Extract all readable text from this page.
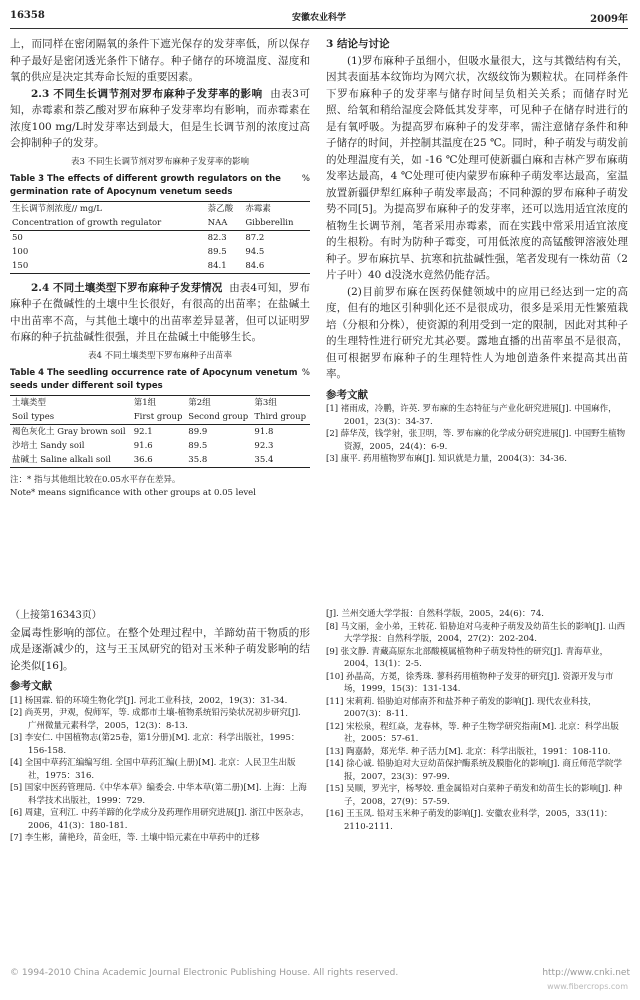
16358	安徽农业科学	2009年

上，而同样在密闭隔氧的条件下遮光保存的发芽率低，所以保存种子最好是密闭透光条件下储存。种子储存的环境温度、湿度和氧的供应是决定其寿命长短的重要因素。

2.3 不同生长调节剂对罗布麻种子发芽率的影响 由表3可知，赤霉素和萘乙酸对罗布麻种子发芽率均有影响，而赤霉素在浓度100 mg/L时发芽率达到最大，但是生长调节剂的浓度过高会抑制种子的发芽。

表3 不同生长调节剂对罗布麻种子发芽率的影响
%
Table 3 The effects of different growth regulators on the germination rate of Apocynum venetum seeds
生长调节剂浓度// mg/L	萘乙酸	赤霉素
Concentration of growth regulator	NAA	Gibberellin
50	82.3	87.2
100	89.5	94.5
150	84.1	84.6

2.4 不同土壤类型下罗布麻种子发芽情况 由表4可知，罗布麻种子在微碱性的土壤中生长很好，有很高的出苗率；在盐碱土中出苗率不高，与其他土壤中的出苗率差异显著，但可以证明罗布麻的种子抗盐碱性很强，并且在盐碱土中能够生长。

表4 不同土壤类型下罗布麻种子出苗率
%
Table 4 The seedling occurrence rate of Apocynum venetum seeds under different soil types
土壤类型	第1组	第2组	第3组
Soil types	First group	Second group	Third group
褐色灰化土 Gray brown soil	92.1	89.9	91.8
沙培土 Sandy soil	91.6	89.5	92.3
盐碱土 Saline alkali soil	36.6	35.8	35.4
注：* 指与其他组比较在0.05水平存在差异。
Note* means significance with other groups at 0.05 level
3 结论与讨论

(1)罗布麻种子虽细小，但吸水量很大，这与其微结构有关，因其表面基本纹饰均为网穴状，次级纹饰为颗粒状。在同样条件下罗布麻种子的发芽率与储存时间呈负相关关系；而储存时光照、给氧和稍给湿度会降低其发芽率，可见种子在储存时进行的是有氧呼吸。为提高罗布麻种子的发芽率，需注意储存条件和种子储存的时间，并控制其温度在25 ℃。同时，种子萌发与萌发前的处理温度有关，如 -16 ℃处理可使新疆白麻和吉林产罗布麻萌发率达最高，4 ℃处理可使内蒙罗布麻种子萌发率达最高，室温放置新疆伊犁红麻种子萌发率最高；不同种源的罗布麻种子萌发势不同[5]。为提高罗布麻种子的发芽率，还可以选用适宜浓度的植物生长调节剂，笔者采用赤霉素，而在实践中常采用适宜浓度的生根粉。有时为防种子霉变，可用低浓度的高锰酸钾溶液处理种子。罗布麻抗旱、抗寒和抗盐碱性强，笔者发现有一株幼苗（2片子叶）40 d没浇水竟然仍能存活。

(2)目前罗布麻在医药保健领域中的应用已经达到一定的高度，但有的地区引种驯化还不是很成功，很多是采用无性繁殖栽培（分根和分株），使资源的利用受到一定的限制，因此对其种子的生理特性进行研究尤其必要。露地直播的出苗率虽不是很高，但可根据罗布麻种子的生理特性人为地创造条件来提高其出苗率。

参考文献
[1] 褚雨成，冷鹏，许英. 罗布麻的生态特征与产业化研究进展[J]. 中国麻作，2001，23(3)：34-37.
[2] 薛华茂，钱学射，张卫明，等. 罗布麻的化学成分研究进展[J]. 中国野生植物资源，2005，24(4)：6-9.
[3] 康平. 药用植物罗布麻[J]. 知识就是力量，2004(3)：34-36.
（上接第16343页）

金属毒性影响的部位。在整个处理过程中，羊蹄幼苗干物质的形成是逐渐减少的，这与王玉凤研究的铅对玉米种子萌发影响的结论类似[16]。

参考文献
[1] 杨国霖. 铅的环境生物化学[J]. 河北工业科技，2002，19(3)：31-34.
[2] 尚英男，尹观，倪师军，等. 成都市土壤-植物系统铅污染状况初步研究[J]. 广州微量元素科学，2005，12(3)：8-13.
[3] 李安仁. 中国植物志(第25卷，第1分册)[M]. 北京：科学出版社，1995：156-158.
[4] 全国中草药汇编编写组. 全国中草药汇编(上册)[M]. 北京：人民卫生出版社，1975：316.
[5] 国家中医药管理局.《中华本草》编委会. 中华本草(第二册)[M]. 上海：上海科学技术出版社，1999：729.
[6] 周建，宣利江. 中药羊蹄的化学成分及药理作用研究进展[J]. 浙江中医杂志，2006，41(3)：180-181.
[7] 李生彬，蒲艳玲，苗金旺，等. 土壤中铅元素在中草药中的迁移
[J]. 兰州交通大学学报：自然科学版，2005，24(6)：74.
[8] 马文丽，金小弟，王转花. 铅胁迫对乌麦种子萌发及幼苗生长的影响[J]. 山西大学学报：自然科学版，2004，27(2)：202-204.
[9] 张文静. 青藏高原东北部酸模属植物种子萌发特性的研究[J]. 青海草业，2004，13(1)：2-5.
[10] 孙晶高，方冕，徐秀珠. 蓼科药用植物种子发芽的研究[J]. 资源开发与市场，1999，15(3)：131-134.
[11] 宋莉莉. 铅胁迫对郁南芥和盐芥种子萌发的影响[J]. 现代农业科技，2007(3)：8-11.
[12] 宋松泉，程红焱，龙春林，等. 种子生物学研究指南[M]. 北京：科学出版社，2005：57-61.
[13] 陶嘉龄，郑光华. 种子活力[M]. 北京：科学出版社，1991：108-110.
[14] 徐心诚. 铅胁迫对大豆幼苗保护酶系统及膜脂化的影响[J]. 商丘师范学院学报，2007，23(3)：97-99.
[15] 吴顺，罗光宇，杨琴姣. 重金属铅对白菜种子萌发和幼苗生长的影响[J]. 种子，2008，27(9)：57-59.
[16] 王玉凤. 铅对玉米种子萌发的影响[J]. 安徽农业科学，2005，33(11)：2110-2111.
© 1994-2010 China Academic Journal Electronic Publishing House. All rights reserved.	http://www.cnki.net
www.fibercrops.com
